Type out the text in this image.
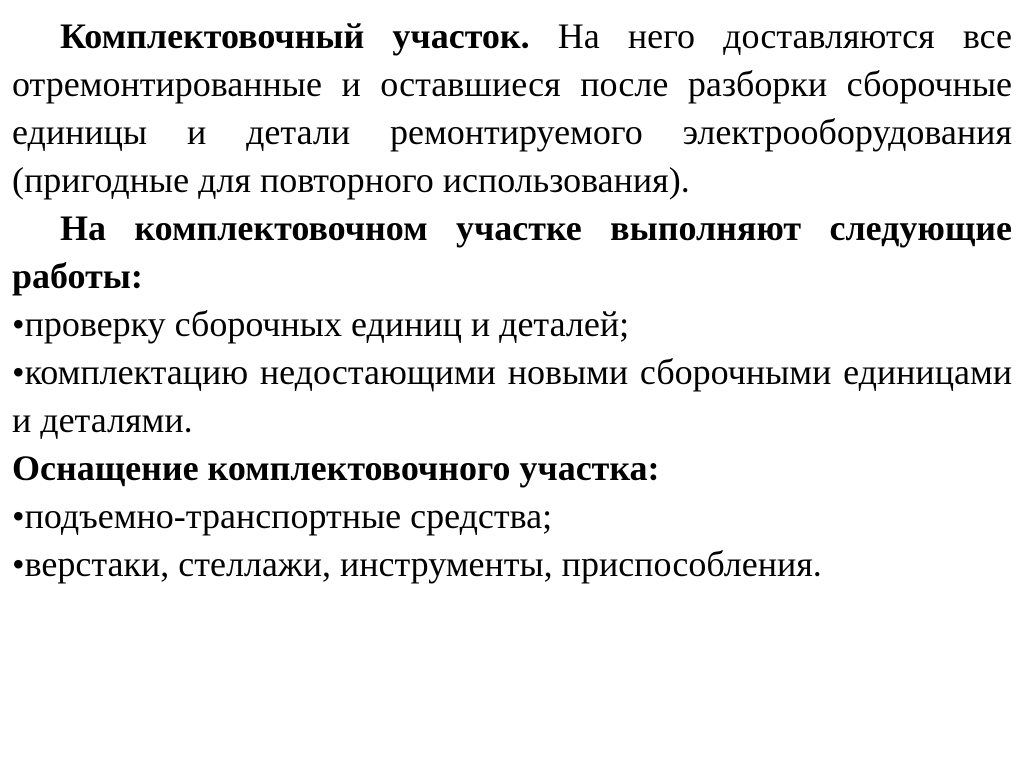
Комплектовочный участок. На него доставляются все отремонтированные и оставшиеся после разборки сборочные единицы и детали ремонтируемого электрооборудования (пригодные для повторного использования).

На комплектовочном участке выполняют следующие работы:

•проверку сборочных единиц и деталей;

•комплектацию недостающими новыми сборочными единицами и деталями.

Оснащение комплектовочного участка:

•подъемно-транспортные средства;

•верстаки, стеллажи, инструменты, приспособления.
